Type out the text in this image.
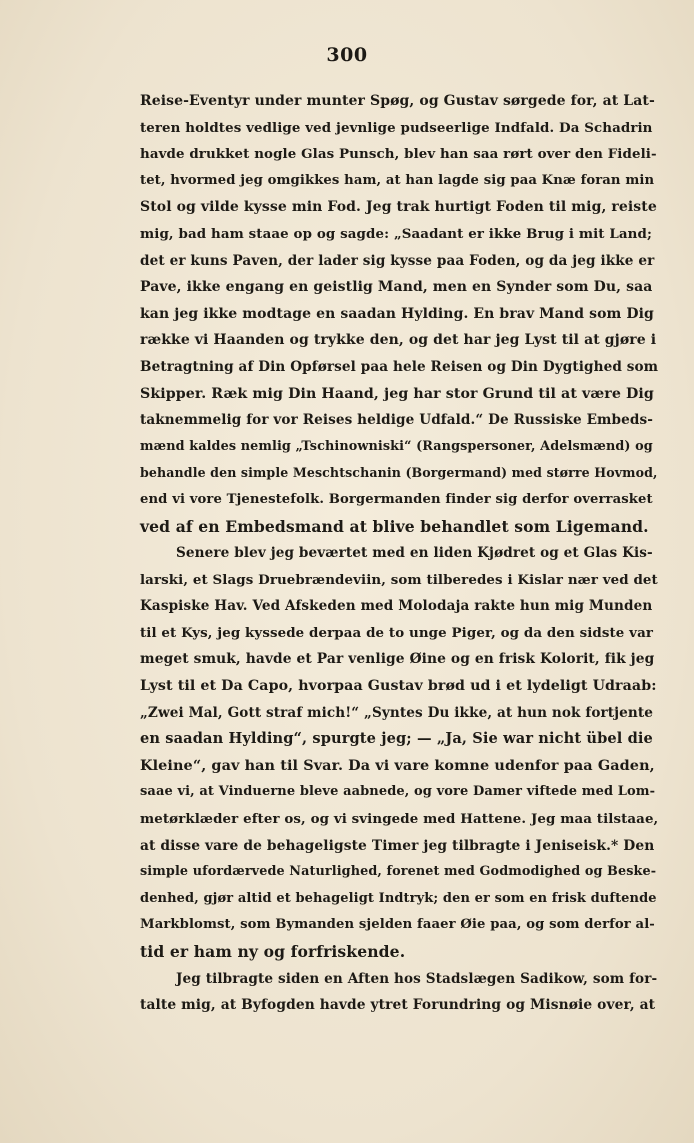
300
Reise-Eventyr under munter Spøg, og Gustav sørgede for, at Lat-
teren holdtes vedlige ved jevnlige pudseerlige Indfald. Da Schadrin
havde drukket nogle Glas Punsch, blev han saa rørt over den Fideli-
tet, hvormed jeg omgikkes ham, at han lagde sig paa Knæ foran min
Stol og vilde kysse min Fod. Jeg trak hurtigt Foden til mig, reiste
mig, bad ham staae op og sagde: „Saadant er ikke Brug i mit Land;
det er kuns Paven, der lader sig kysse paa Foden, og da jeg ikke er
Pave, ikke engang en geistlig Mand, men en Synder som Du, saa
kan jeg ikke modtage en saadan Hylding. En brav Mand som Dig
række vi Haanden og trykke den, og det har jeg Lyst til at gjøre i
Betragtning af Din Opførsel paa hele Reisen og Din Dygtighed som
Skipper. Ræk mig Din Haand, jeg har stor Grund til at være Dig
taknemmelig for vor Reises heldige Udfald.“ De Russiske Embeds-
mænd kaldes nemlig „Tschinowniski“ (Rangspersoner, Adelsmænd) og
behandle den simple Meschtschanin (Borgermand) med større Hovmod,
end vi vore Tjenestefolk. Borgermanden finder sig derfor overrasket
ved af en Embedsmand at blive behandlet som Ligemand.
Senere blev jeg beværtet med en liden Kjødret og et Glas Kis-
larski, et Slags Druebrændeviin, som tilberedes i Kislar nær ved det
Kaspiske Hav. Ved Afskeden med Molodaja rakte hun mig Munden
til et Kys, jeg kyssede derpaa de to unge Piger, og da den sidste var
meget smuk, havde et Par venlige Øine og en frisk Kolorit, fik jeg
Lyst til et Da Capo, hvorpaa Gustav brød ud i et lydeligt Udraab:
„Zwei Mal, Gott straf mich!“ „Syntes Du ikke, at hun nok fortjente
en saadan Hylding“, spurgte jeg; — „Ja, Sie war nicht übel die
Kleine“, gav han til Svar. Da vi vare komne udenfor paa Gaden,
saae vi, at Vinduerne bleve aabnede, og vore Damer viftede med Lom-
metørklæder efter os, og vi svingede med Hattene. Jeg maa tilstaae,
at disse vare de behageligste Timer jeg tilbragte i Jeniseisk.* Den
simple ufordærvede Naturlighed, forenet med Godmodighed og Beske-
denhed, gjør altid et behageligt Indtryk; den er som en frisk duftende
Markblomst, som Bymanden sjelden faaer Øie paa, og som derfor al-
tid er ham ny og forfriskende.
Jeg tilbragte siden en Aften hos Stadslægen Sadikow, som for-
talte mig, at Byfogden havde ytret Forundring og Misnøie over, at
